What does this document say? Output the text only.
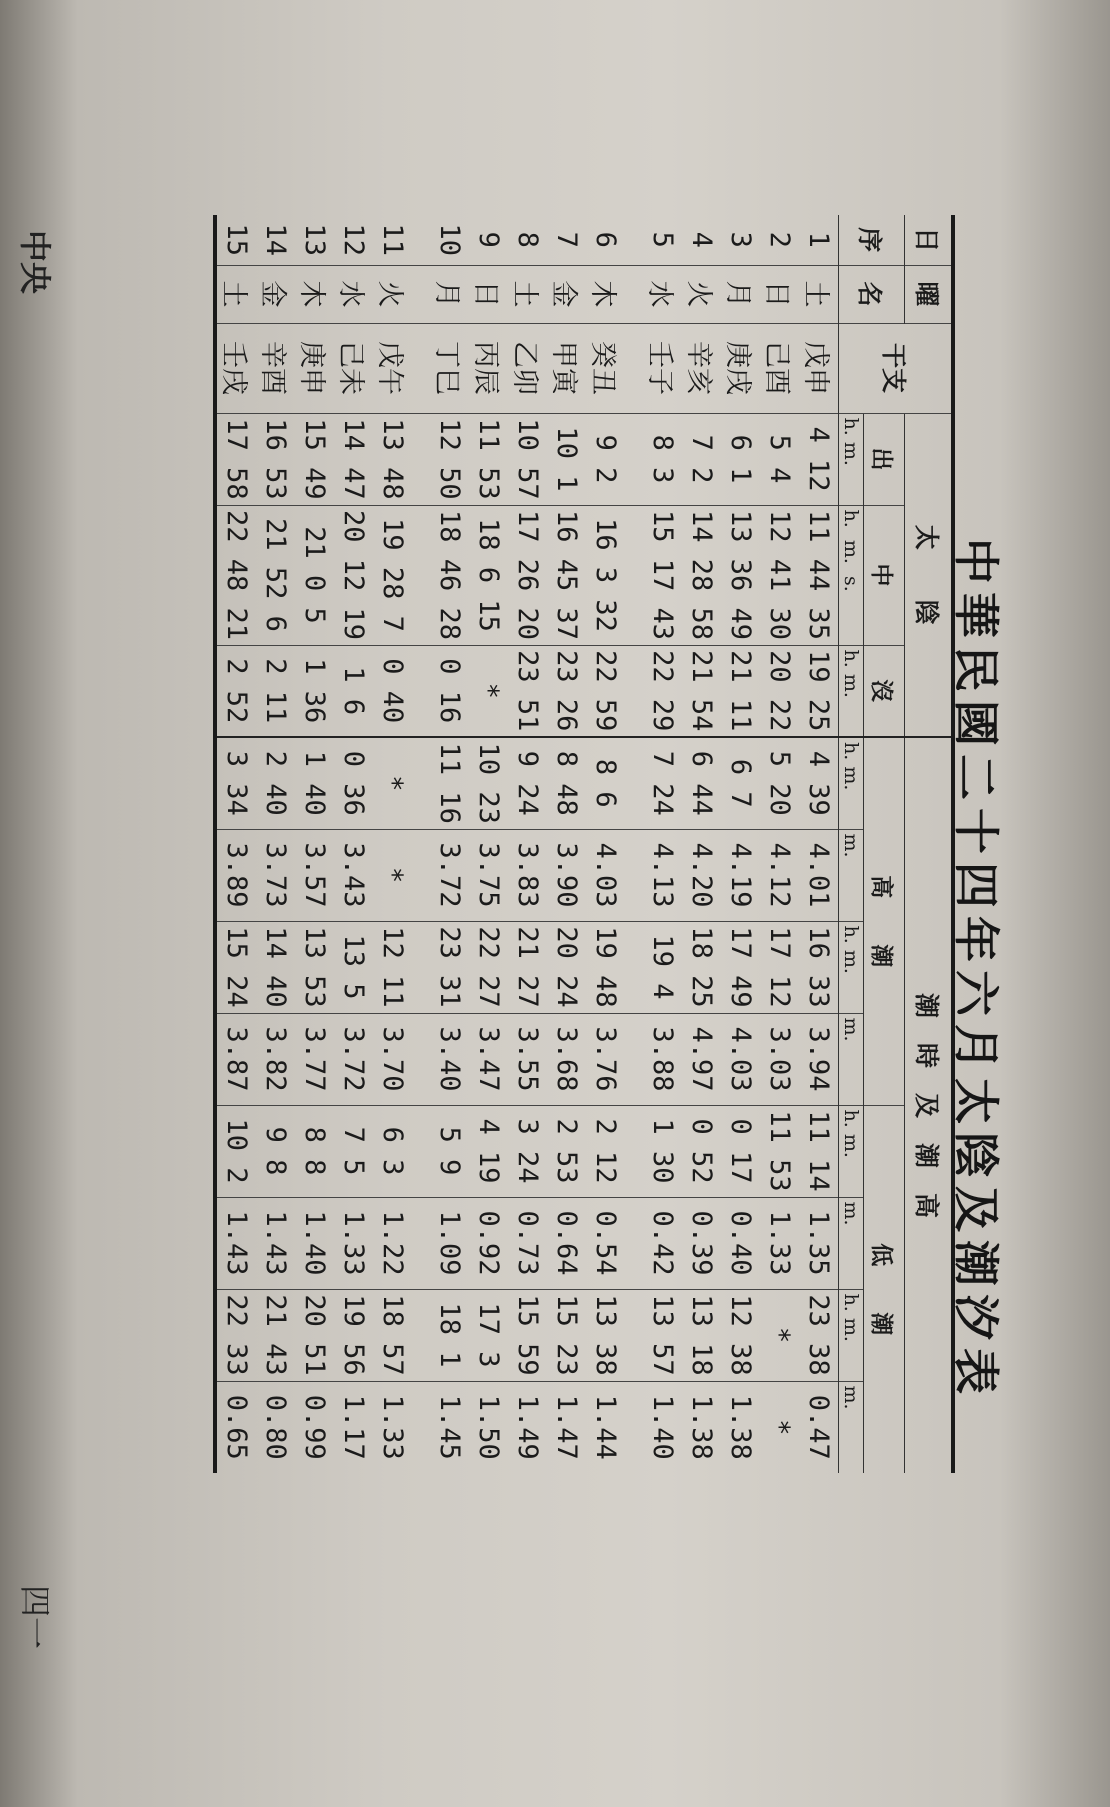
中華民國二十四年六月太陰及潮汐表
日	曜	干支	太　　陰			潮　時　及　潮　高							
序	名		出	中	沒	高　　潮				低　　潮			
			h. m.	h.  m.  s.	h. m.	h. m.	m.	h. m.	m.	h. m.	m.	h. m.	m.
1	土	戊申	4 12	11 44 35	19 25	4 39	4.01	16 33	3.94	11 14	1.35	23 38	0.47
2	日	己酉	5 4	12 41 30	20 22	5 20	4.12	17 12	3.03	11 53	1.33	*	*
3	月	庚戌	6 1	13 36 49	21 11	6 7	4.19	17 49	4.03	0 17	0.40	12 38	1.38
4	火	辛亥	7 2	14 28 58	21 54	6 44	4.20	18 25	4.97	0 52	0.39	13 18	1.38
5	水	壬子	8 3	15 17 43	22 29	7 24	4.13	19 4	3.88	1 30	0.42	13 57	1.40
6	木	癸丑	9 2	16 3 32	22 59	8 6	4.03	19 48	3.76	2 12	0.54	13 38	1.44
7	金	甲寅	10 1	16 45 37	23 26	8 48	3.90	20 24	3.68	2 53	0.64	15 23	1.47
8	土	乙卯	10 57	17 26 20	23 51	9 24	3.83	21 27	3.55	3 24	0.73	15 59	1.49
9	日	丙辰	11 53	18 6 15	*	10 23	3.75	22 27	3.47	4 19	0.92	17 3	1.50
10	月	丁巳	12 50	18 46 28	0 16	11 16	3.72	23 31	3.40	5 9	1.09	18 1	1.45
11	火	戊午	13 48	19 28 7	0 40	*	*	12 11	3.70	6 3	1.22	18 57	1.33
12	水	己未	14 47	20 12 19	1 6	0 36	3.43	13 5	3.72	7 5	1.33	19 56	1.17
13	木	庚申	15 49	21 0 5	1 36	1 40	3.57	13 53	3.77	8 8	1.40	20 51	0.99
14	金	辛酉	16 53	21 52 6	2 11	2 40	3.73	14 40	3.82	9 8	1.43	21 43	0.80
15	土	壬戌	17 58	22 48 21	2 52	3 34	3.89	15 24	3.87	10 2	1.43	22 33	0.65
中央
四一
